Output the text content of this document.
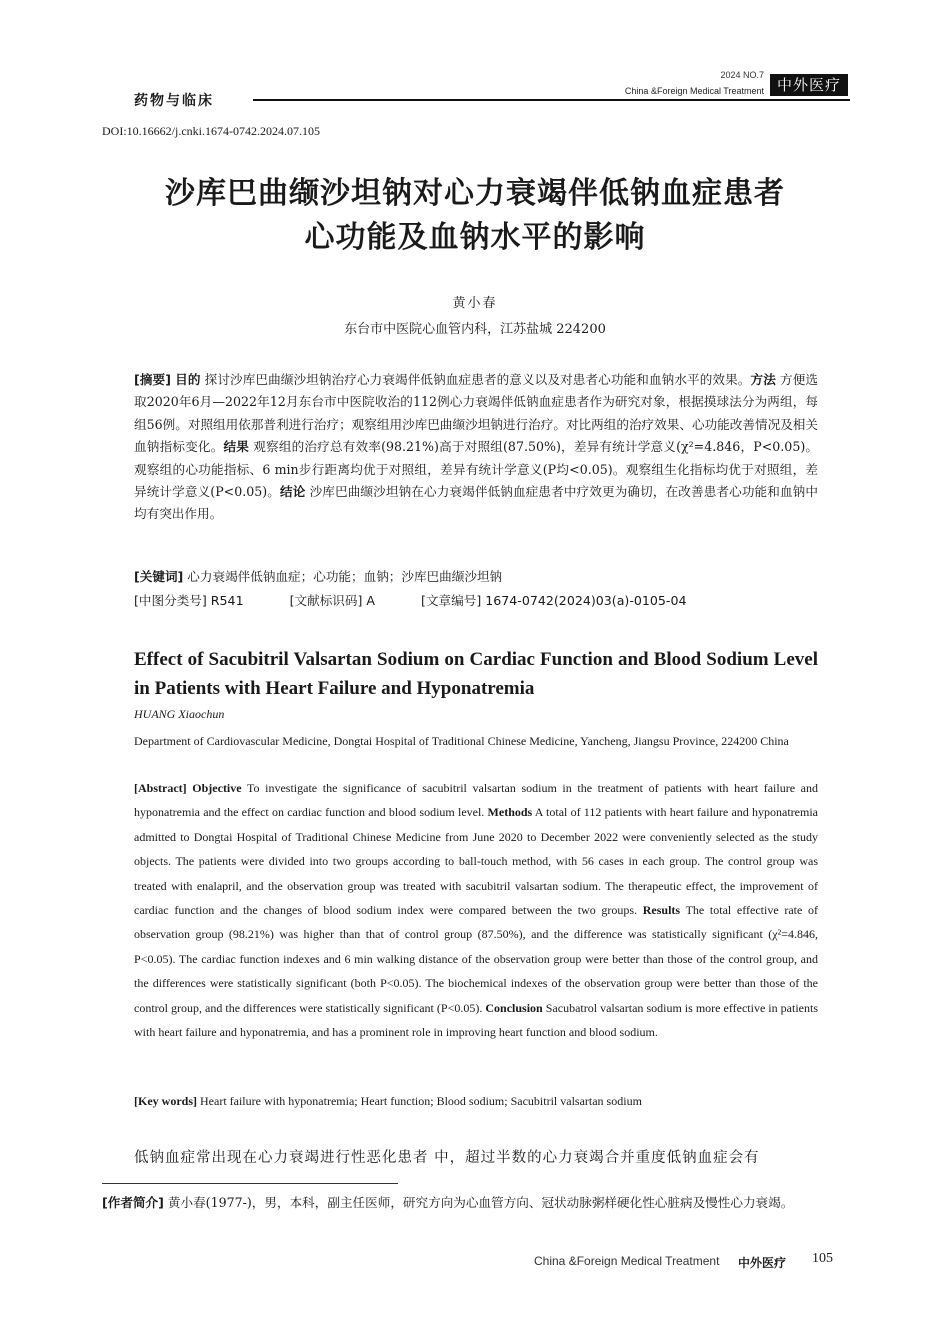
药物与临床
2024 NO.7
China &Foreign Medical Treatment 中外医疗
DOI:10.16662/j.cnki.1674-0742.2024.07.105
沙库巴曲缬沙坦钠对心力衰竭伴低钠血症患者
心功能及血钠水平的影响
黄小春
东台市中医院心血管内科，江苏盐城 224200
[摘要] 目的 探讨沙库巴曲缬沙坦钠治疗心力衰竭伴低钠血症患者的意义以及对患者心功能和血钠水平的效果。方法 方便选取2020年6月—2022年12月东台市中医院收治的112例心力衰竭伴低钠血症患者作为研究对象，根据摸球法分为两组，每组56例。对照组用依那普利进行治疗；观察组用沙库巴曲缬沙坦钠进行治疗。对比两组的治疗效果、心功能改善情况及相关血钠指标变化。结果 观察组的治疗总有效率(98.21%)高于对照组(87.50%)，差异有统计学意义(χ²=4.846，P<0.05)。观察组的心功能指标、6 min步行距离均优于对照组，差异有统计学意义(P均<0.05)。观察组生化指标均优于对照组，差异统计学意义(P<0.05)。结论 沙库巴曲缬沙坦钠在心力衰竭伴低钠血症患者中疗效更为确切，在改善患者心功能和血钠中均有突出作用。
[关键词] 心力衰竭伴低钠血症；心功能；血钠；沙库巴曲缬沙坦钠
[中图分类号] R541	[文献标识码] A	[文章编号] 1674-0742(2024)03(a)-0105-04
Effect of Sacubitril Valsartan Sodium on Cardiac Function and Blood Sodium Level in Patients with Heart Failure and Hyponatremia
HUANG Xiaochun
Department of Cardiovascular Medicine, Dongtai Hospital of Traditional Chinese Medicine, Yancheng, Jiangsu Province, 224200 China
[Abstract] Objective To investigate the significance of sacubitril valsartan sodium in the treatment of patients with heart failure and hyponatremia and the effect on cardiac function and blood sodium level. Methods A total of 112 patients with heart failure and hyponatremia admitted to Dongtai Hospital of Traditional Chinese Medicine from June 2020 to December 2022 were conveniently selected as the study objects. The patients were divided into two groups according to ball-touch method, with 56 cases in each group. The control group was treated with enalapril, and the observation group was treated with sacubitril valsartan sodium. The therapeutic effect, the improvement of cardiac function and the changes of blood sodium index were compared between the two groups. Results The total effective rate of observation group (98.21%) was higher than that of control group (87.50%), and the difference was statistically significant (χ²=4.846, P<0.05). The cardiac function indexes and 6 min walking distance of the observation group were better than those of the control group, and the differences were statistically significant (both P<0.05). The biochemical indexes of the observation group were better than those of the control group, and the differences were statistically significant (P<0.05). Conclusion Sacubatrol valsartan sodium is more effective in patients with heart failure and hyponatremia, and has a prominent role in improving heart function and blood sodium.
[Key words] Heart failure with hyponatremia; Heart function; Blood sodium; Sacubitril valsartan sodium
低钠血症常出现在心力衰竭进行性恶化患者 中，超过半数的心力衰竭合并重度低钠血症会有
[作者简介] 黄小春(1977-)，男，本科，副主任医师，研究方向为心血管方向、冠状动脉粥样硬化性心脏病及慢性心力衰竭。
China &Foreign Medical Treatment 中外医疗 105
